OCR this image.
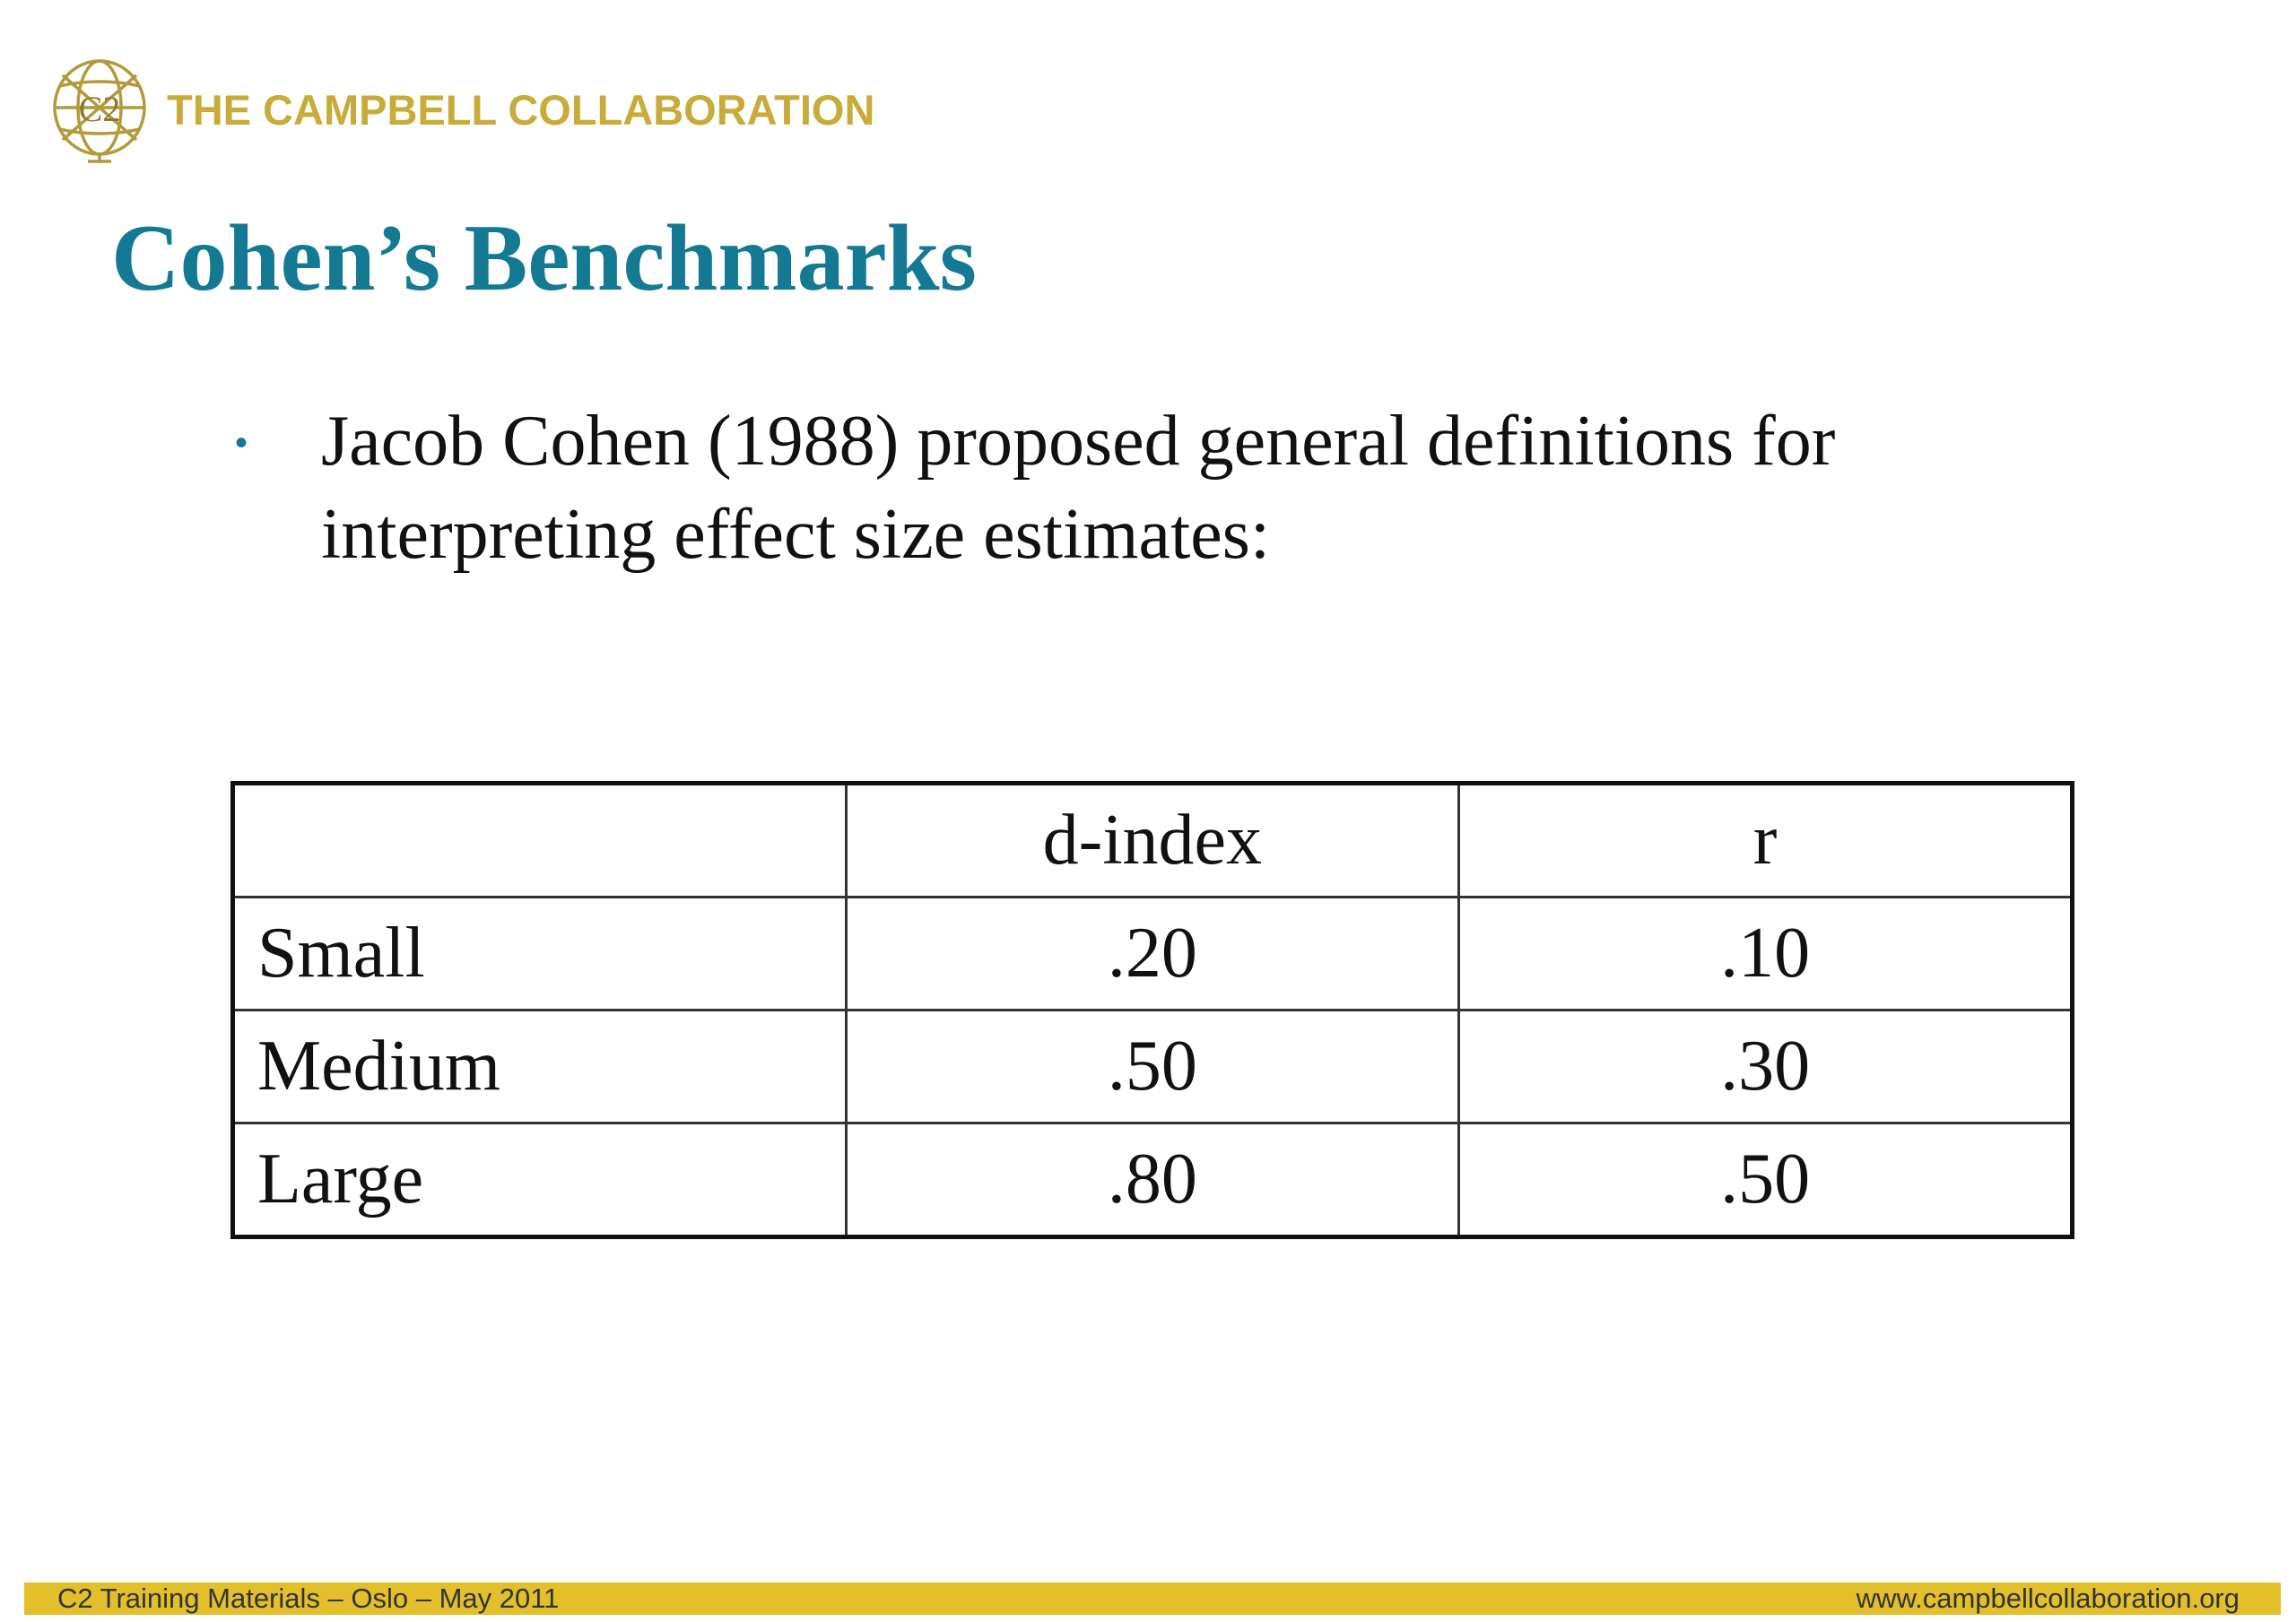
C2 THE CAMPBELL COLLABORATION
Cohen’s Benchmarks
•	Jacob Cohen (1988) proposed general definitions for interpreting effect size estimates:
	d-index	r
Small	.20	.10
Medium	.50	.30
Large	.80	.50
C2 Training Materials – Oslo – May 2011	www.campbellcollaboration.org
